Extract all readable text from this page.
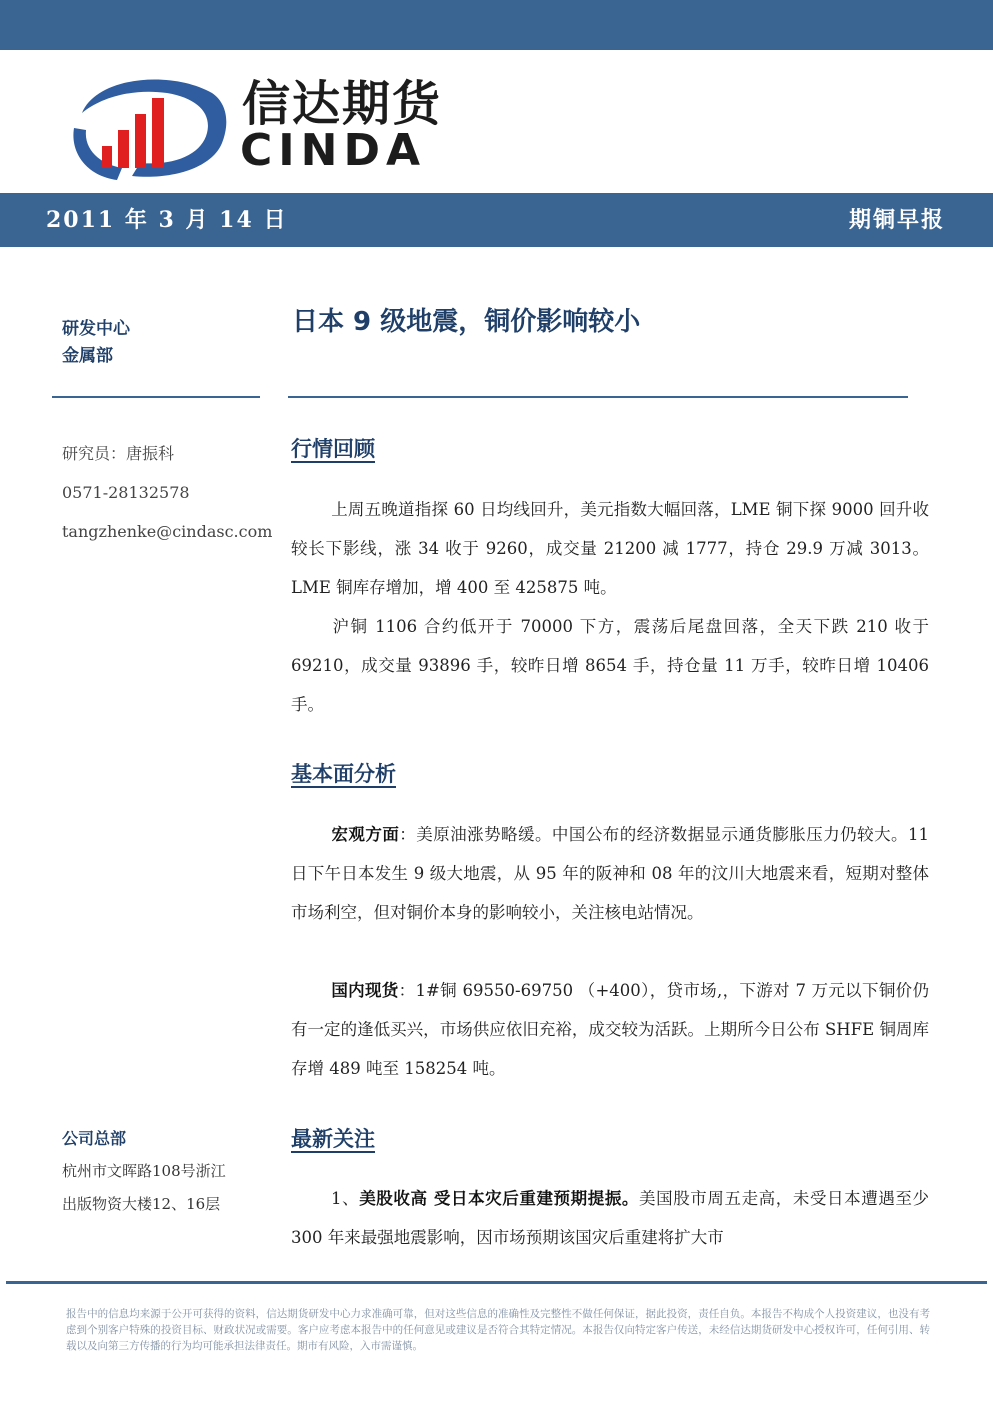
信达期货
CINDA
2011 年 3 月 14 日	期铜早报
研发中心
金属部
研究员：唐振科
0571-28132578
tangzhenke@cindasc.com
公司总部
杭州市文晖路108号浙江
出版物资大楼12、16层
日本 9 级地震，铜价影响较小
行情回顾

上周五晚道指探 60 日均线回升，美元指数大幅回落，LME 铜下探 9000 回升收较长下影线，涨 34 收于 9260，成交量 21200 减 1777，持仓 29.9 万减 3013。LME 铜库存增加，增 400 至 425875 吨。

沪铜 1106 合约低开于 70000 下方，震荡后尾盘回落，全天下跌 210 收于 69210，成交量 93896 手，较昨日增 8654 手，持仓量 11 万手，较昨日增 10406 手。

基本面分析

宏观方面：美原油涨势略缓。中国公布的经济数据显示通货膨胀压力仍较大。11 日下午日本发生 9 级大地震，从 95 年的阪神和 08 年的汶川大地震来看，短期对整体市场利空，但对铜价本身的影响较小，关注核电站情况。

国内现货：1#铜 69550-69750 （+400），贷市场,，下游对 7 万元以下铜价仍有一定的逢低买兴，市场供应依旧充裕，成交较为活跃。上期所今日公布 SHFE 铜周库存增 489 吨至 158254 吨。

最新关注

1、美股收高 受日本灾后重建预期提振。美国股市周五走高，未受日本遭遇至少 300 年来最强地震影响，因市场预期该国灾后重建将扩大市

报告中的信息均来源于公开可获得的资料，信达期货研发中心力求准确可靠，但对这些信息的准确性及完整性不做任何保证，据此投资，责任自负。本报告不构成个人投资建议，也没有考虑到个别客户特殊的投资目标、财政状况或需要。客户应考虑本报告中的任何意见或建议是否符合其特定情况。本报告仅向特定客户传送，未经信达期货研发中心授权许可，任何引用、转载以及向第三方传播的行为均可能承担法律责任。期市有风险，入市需谨慎。
